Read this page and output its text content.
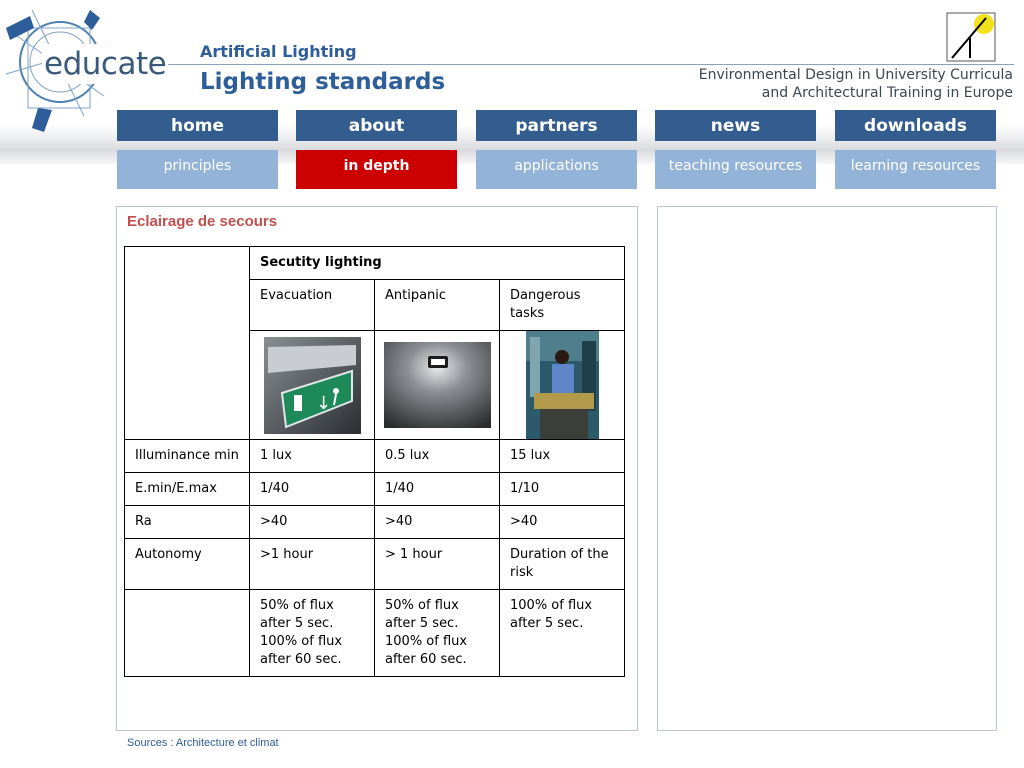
educate Artificial Lighting
Lighting standards	Environmental Design in University Curricula
and Architectural Training in Europe
home	about	partners	news	downloads
principles	in depth	applications	teaching resources	learning resources
Eclairage de secours
	Secutity lighting		
	Evacuation	Antipanic	Dangerous tasks

↓

Illuminance min	1 lux	0.5 lux	15 lux
E.min/E.max	1/40	1/40	1/10
Ra	>40	>40	>40
Autonomy	>1 hour	> 1 hour	Duration of the risk
	50% of flux after 5 sec. 100% of flux after 60 sec.	50% of flux after 5 sec. 100% of flux after 60 sec.	100% of flux after 5 sec.
Sources : Architecture et climat
